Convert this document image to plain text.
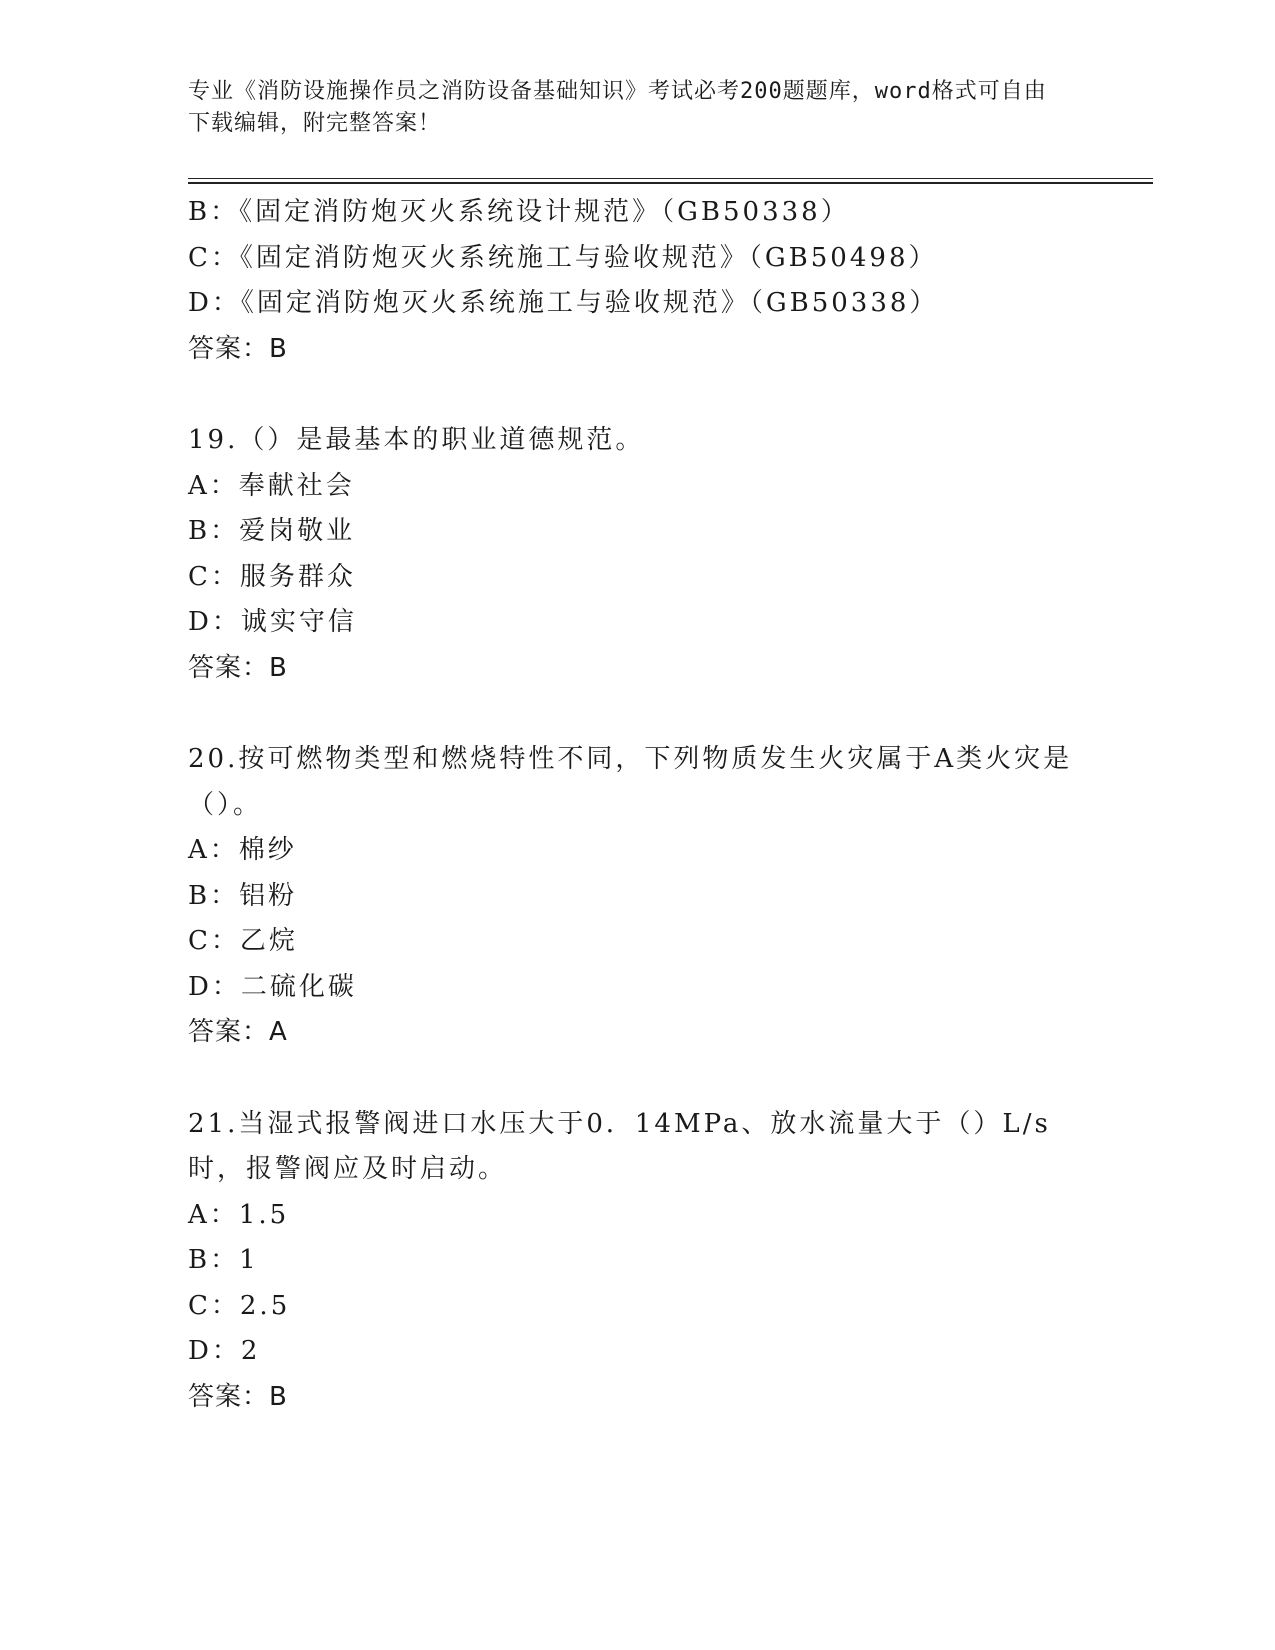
专业《消防设施操作员之消防设备基础知识》考试必考200题题库，word格式可自由下载编辑，附完整答案！
B：《固定消防炮灭火系统设计规范》（GB50338）
C：《固定消防炮灭火系统施工与验收规范》（GB50498）
D：《固定消防炮灭火系统施工与验收规范》（GB50338）
答案：B
19.（）是最基本的职业道德规范。
A：奉献社会
B：爱岗敬业
C：服务群众
D：诚实守信
答案：B
20.按可燃物类型和燃烧特性不同，下列物质发生火灾属于A类火灾是（）。
A：棉纱
B：铝粉
C：乙烷
D：二硫化碳
答案：A
21.当湿式报警阀进口水压大于0．14MPa、放水流量大于（）L/s时，报警阀应及时启动。
A：1.5
B：1
C：2.5
D：2
答案：B
